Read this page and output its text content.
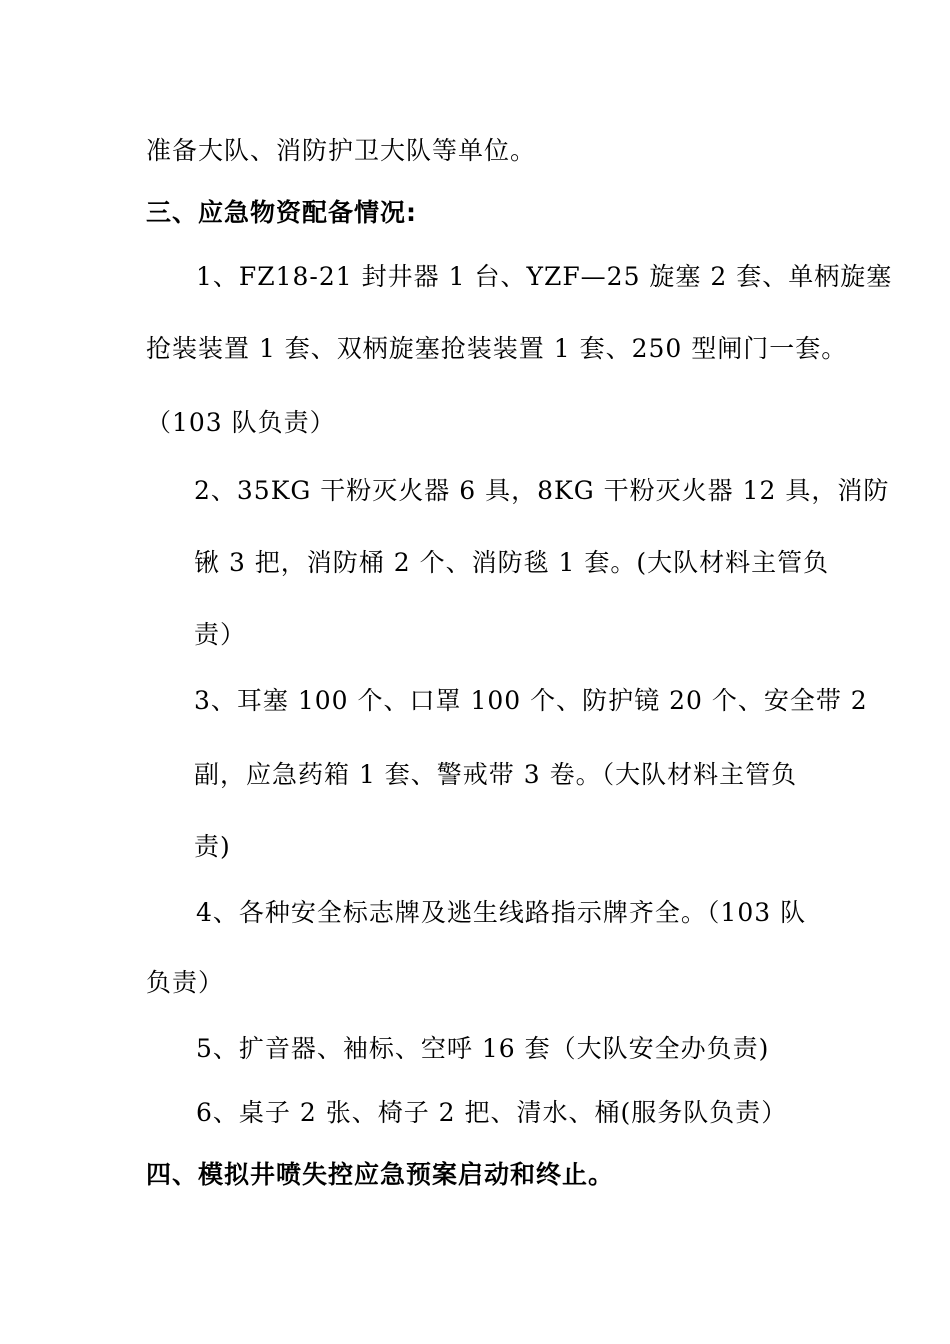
准备大队、消防护卫大队等单位。
三、应急物资配备情况:
1、FZ18-21 封井器 1 台、YZF—25 旋塞 2 套、单柄旋塞
抢装装置 1 套、双柄旋塞抢装装置 1 套、250 型闸门一套。
（103 队负责）
2、35KG 干粉灭火器 6 具，8KG 干粉灭火器 12 具，消防
锹 3 把，消防桶 2 个、消防毯 1 套。(大队材料主管负
责）
3、耳塞 100 个、口罩 100 个、防护镜 20 个、安全带 2
副，应急药箱 1 套、警戒带 3 卷。（大队材料主管负
责)
4、各种安全标志牌及逃生线路指示牌齐全。（103 队
负责）
5、扩音器、袖标、空呼 16 套（大队安全办负责)
6、桌子 2 张、椅子 2 把、清水、桶(服务队负责）
四、模拟井喷失控应急预案启动和终止。
